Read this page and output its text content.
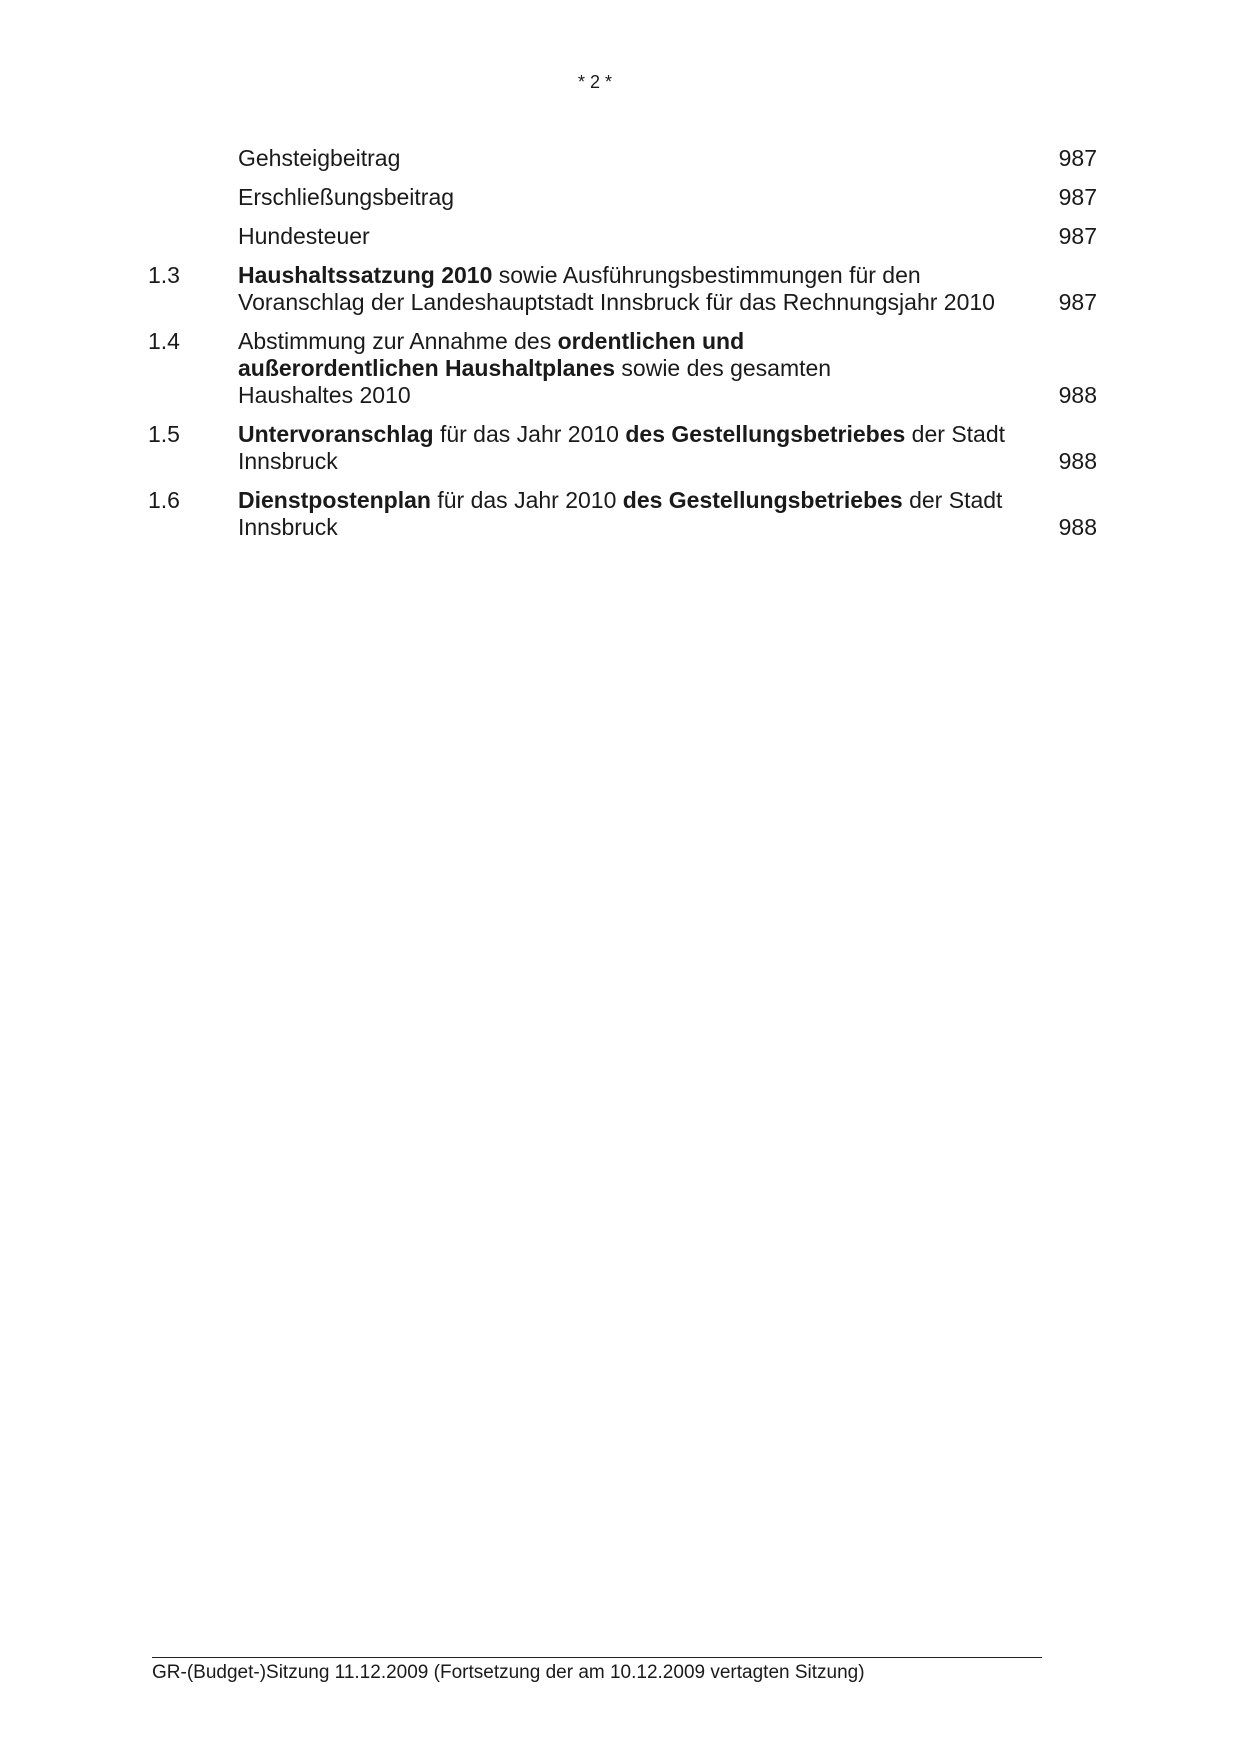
* 2 *
Gehsteigbeitrag	987
Erschließungsbeitrag	987
Hundesteuer	987
1.3	Haushaltssatzung 2010 sowie Ausführungsbestimmungen für den
Voranschlag der Landeshauptstadt Innsbruck für das Rechnungsjahr 2010	987
1.4	Abstimmung zur Annahme des ordentlichen und
außerordentlichen Haushaltplanes sowie des gesamten
Haushaltes 2010	988
1.5	Untervoranschlag für das Jahr 2010 des Gestellungsbetriebes der Stadt
Innsbruck	988
1.6	Dienstpostenplan für das Jahr 2010 des Gestellungsbetriebes der Stadt
Innsbruck	988
GR-(Budget-)Sitzung 11.12.2009 (Fortsetzung der am 10.12.2009 vertagten Sitzung)
